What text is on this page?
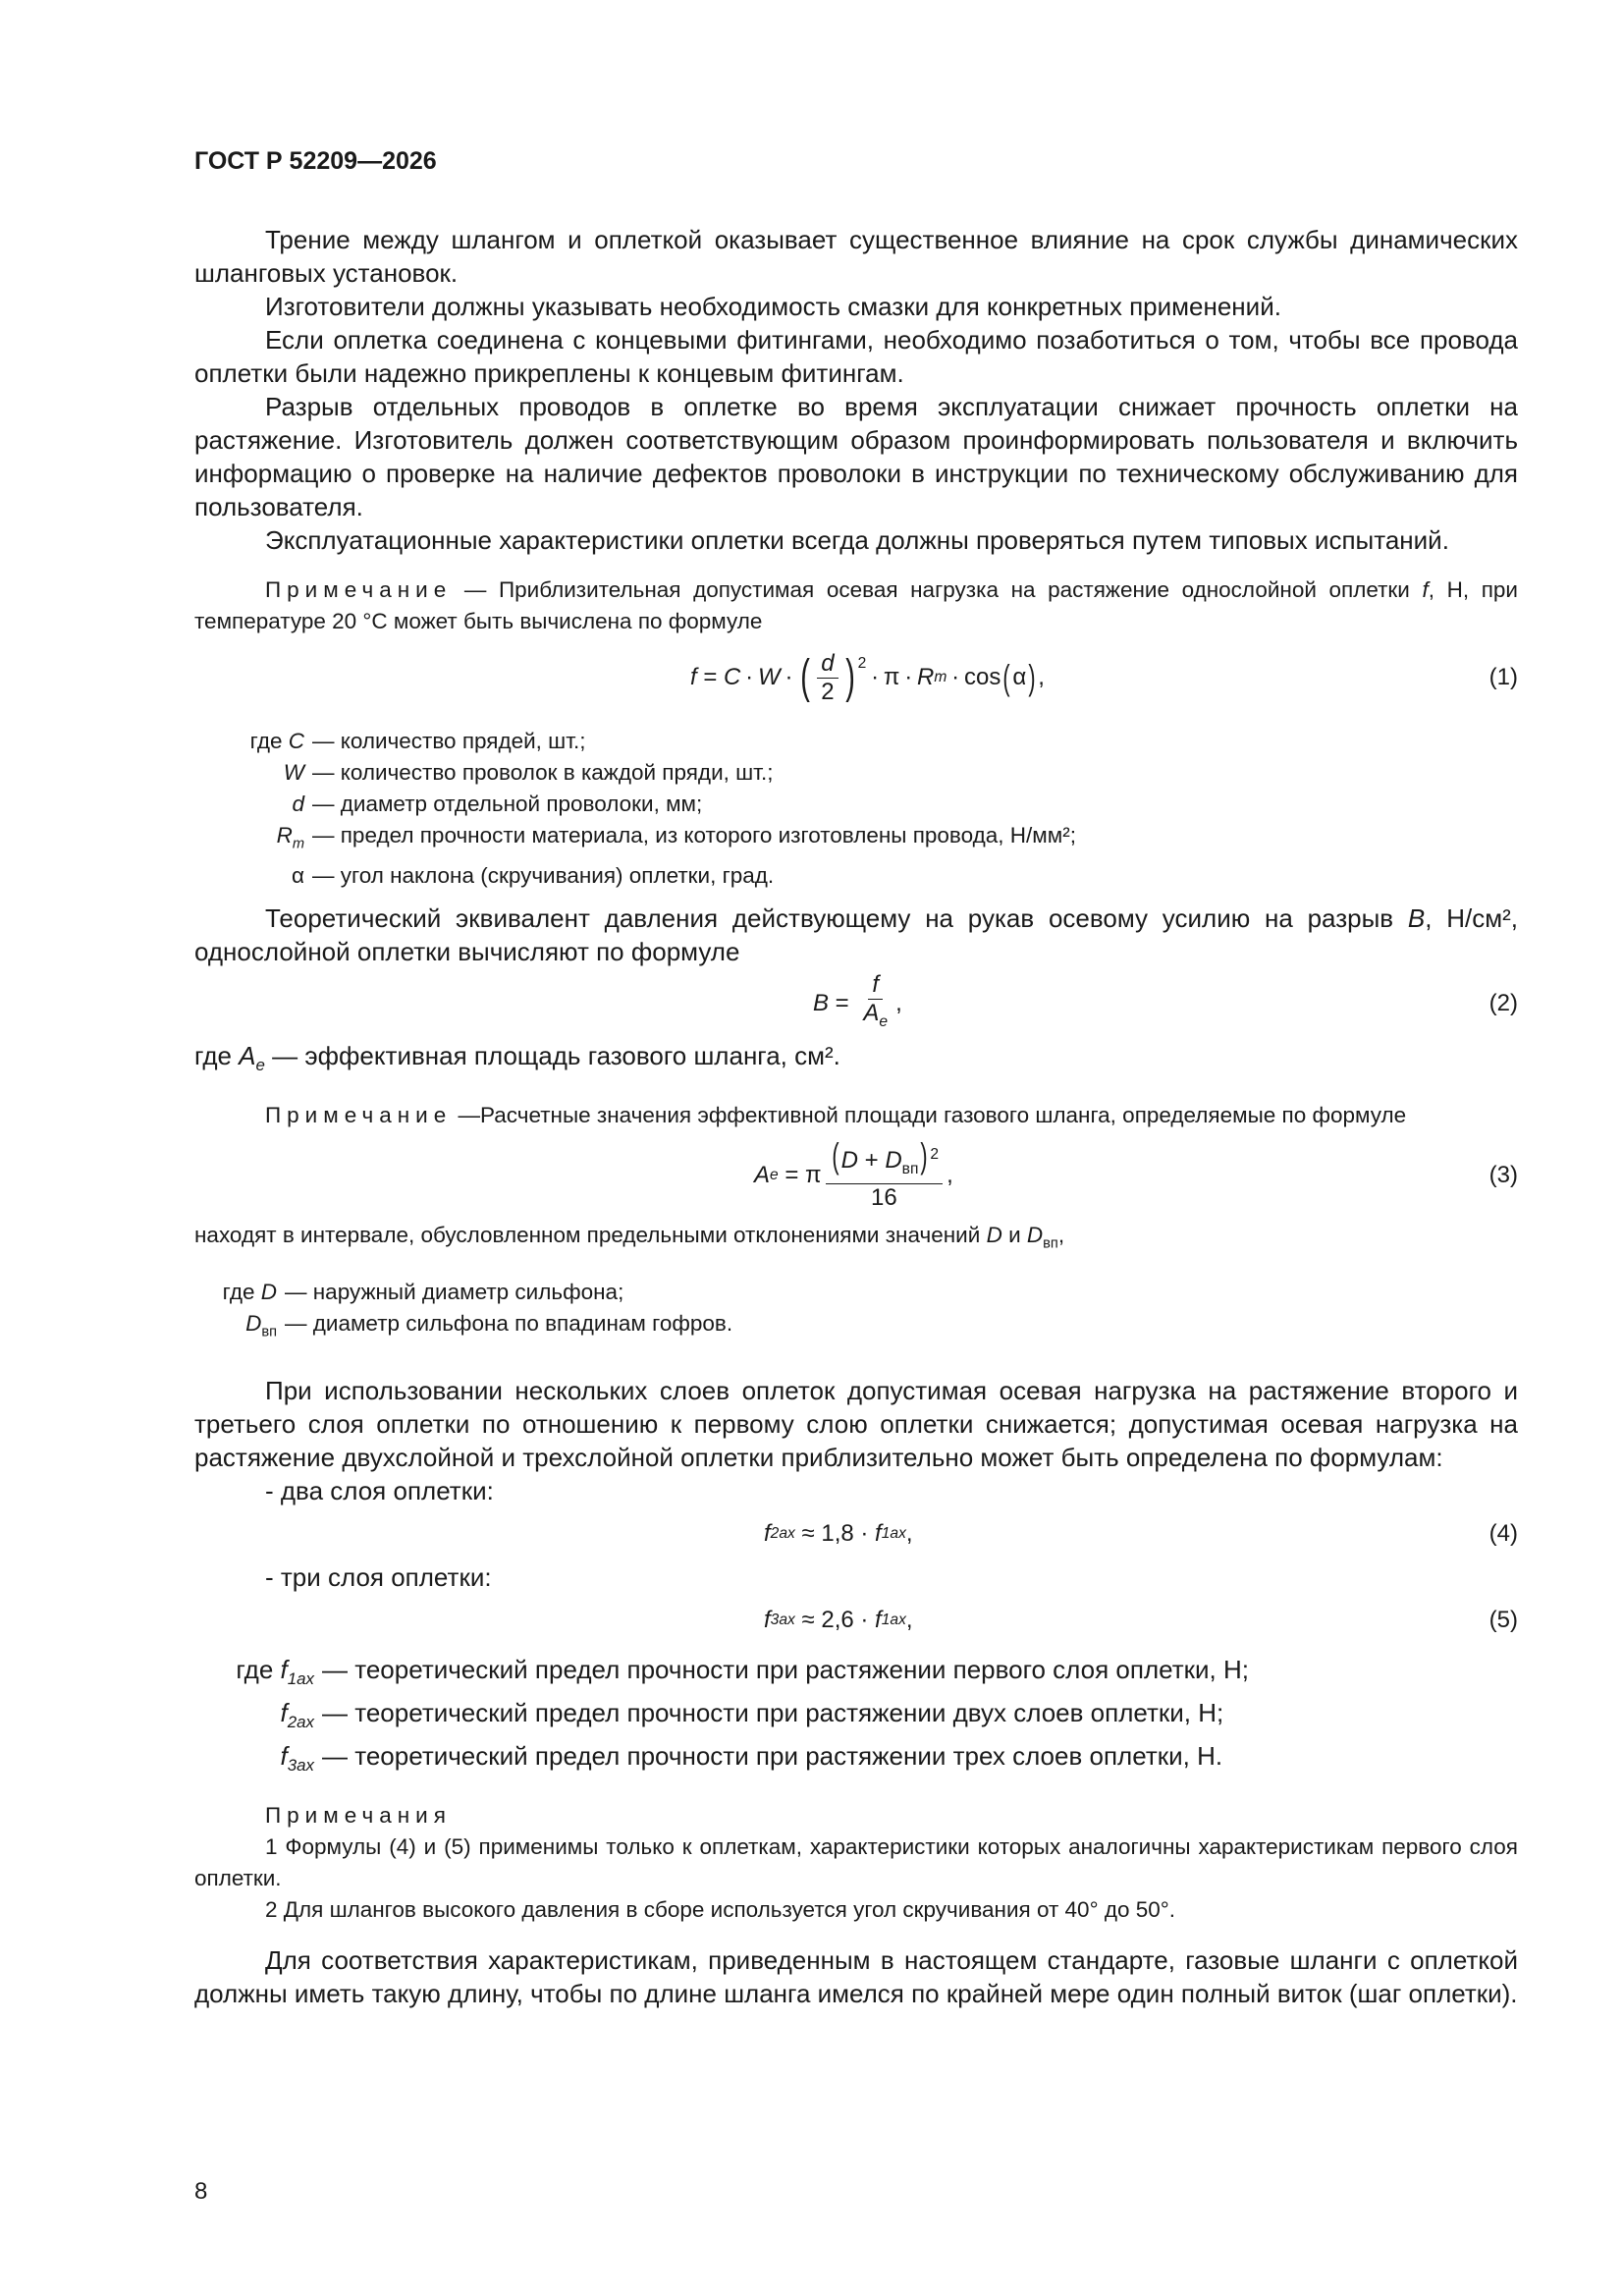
ГОСТ Р 52209—2026

Трение между шлангом и оплеткой оказывает существенное влияние на срок службы динамических шланговых установок.

Изготовители должны указывать необходимость смазки для конкретных применений.

Если оплетка соединена с концевыми фитингами, необходимо позаботиться о том, чтобы все провода оплетки были надежно прикреплены к концевым фитингам.

Разрыв отдельных проводов в оплетке во время эксплуатации снижает прочность оплетки на растяжение. Изготовитель должен соответствующим образом проинформировать пользователя и включить информацию о проверке на наличие дефектов проволоки в инструкции по техническому обслуживанию для пользователя.

Эксплуатационные характеристики оплетки всегда должны проверяться путем типовых испытаний.

Примечание — Приблизительная допустимая осевая нагрузка на растяжение однослойной оплетки f, Н, при температуре 20 °С может быть вычислена по формуле

f = C  ·  W  ·  ( $\frac{d}{2} )^2$
 · π ·  R m  · cos ( α ) ,	(1)
где C — количество прядей, шт.;
W — количество проволок в каждой пряди, шт.;
d — диаметр отдельной проволоки, мм;
$R_m$ — предел прочности материала, из которого изготовлены провода, Н/мм²;
α — угол наклона (скручивания) оплетки, град.

Теоретический эквивалент давления действующему на рукав осевому усилию на разрыв B, Н/см², однослойной оплетки вычисляют по формуле

$B = \frac{f}{A_e}$ ,	(2)

где $A_e$ — эффективная площадь газового шланга, см².

Примечание —Расчетные значения эффективной площади газового шланга, определяемые по формуле

A e = π $\frac{( D + D_{вп}) ^2}{16}$ ,	(3)

находят в интервале, обусловленном предельными отклонениями значений D и $D_{вп}$,

где D — наружный диаметр сильфона;
$D_{вп}$ — диаметр сильфона по впадинам гофров.

При использовании нескольких слоев оплеток допустимая осевая нагрузка на растяжение второго и третьего слоя оплетки по отношению к первому слою оплетки снижается; допустимая осевая нагрузка на растяжение двухслойной и трехслойной оплетки приблизительно может быть определена по формулам:

- два слоя оплетки:

f 2ax
≈ 1,8 ·
f 1ax ,	(4)

- три слоя оплетки:

f 3ax
≈ 2,6 ·
f 1ax ,	(5)
где $f_{1ax}$ — теоретический предел прочности при растяжении первого слоя оплетки, Н;
$f_{2ax}$ — теоретический предел прочности при растяжении двух слоев оплетки, Н;
$f_{3ax}$ — теоретический предел прочности при растяжении трех слоев оплетки, Н.

Примечания

1 Формулы (4) и (5) применимы только к оплеткам, характеристики которых аналогичны характеристикам первого слоя оплетки.

2 Для шлангов высокого давления в сборе используется угол скручивания от 40° до 50°.

Для соответствия характеристикам, приведенным в настоящем стандарте, газовые шланги с оплеткой должны иметь такую длину, чтобы по длине шланга имелся по крайней мере один полный виток (шаг оплетки).

8
